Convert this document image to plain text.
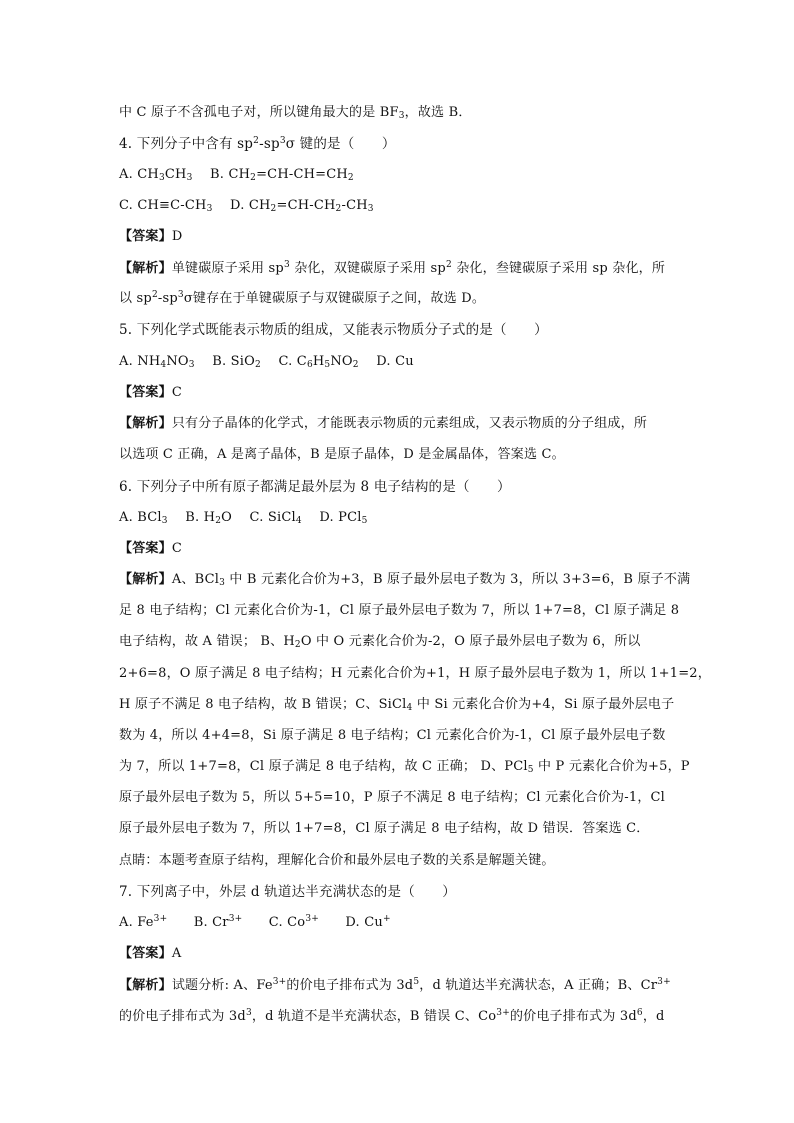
中 C 原子不含孤电子对，所以键角最大的是 $BF_3$，故选 B．
4. 下列分子中含有 $sp^2-sp^3\sigma$ 键的是（　　）
A. $CH_3CH_3$　 B. $CH_2=CH-CH=CH_2$
C. $CH\equiv C-CH_3$　 D. $CH_2=CH-CH_2-CH_3$
【答案】D
【解析】单键碳原子采用 $sp^3$ 杂化，双键碳原子采用 $sp^2$ 杂化，叁键碳原子采用 sp 杂化，所
以 $sp^2-sp^3\sigma$键存在于单键碳原子与双键碳原子之间，故选 D。
5. 下列化学式既能表示物质的组成，又能表示物质分子式的是（　　）
A. $NH_4NO_3$　 B. SiO$_2$　 C. $C_6H_5NO_2$　 D. Cu
【答案】C
【解析】只有分子晶体的化学式，才能既表示物质的元素组成，又表示物质的分子组成，所
以选项 C 正确，A 是离子晶体，B 是原子晶体，D 是金属晶体，答案选 C。
6. 下列分子中所有原子都满足最外层为 8 电子结构的是（　　）
A. BCl$_3$　 B. $H_2O$　 C. SiCl$_4$　 D. PCl$_5$
【答案】C
【解析】A、BCl$_3$ 中 B 元素化合价为+3，B 原子最外层电子数为 3，所以 3+3=6，B 原子不满
足 8 电子结构；Cl 元素化合价为-1，Cl 原子最外层电子数为 7，所以 1+7=8，Cl 原子满足 8
电子结构，故 A 错误； B、$H_2O$ 中 O 元素化合价为-2，O 原子最外层电子数为 6，所以
2+6=8，O 原子满足 8 电子结构；H 元素化合价为+1，H 原子最外层电子数为 1，所以 1+1=2，
H 原子不满足 8 电子结构，故 B 错误；C、SiCl$_4$ 中 Si 元素化合价为+4，Si 原子最外层电子
数为 4，所以 4+4=8，Si 原子满足 8 电子结构；Cl 元素化合价为-1，Cl 原子最外层电子数
为 7，所以 1+7=8，Cl 原子满足 8 电子结构，故 C 正确； D、PCl$_5$ 中 P 元素化合价为+5，P
原子最外层电子数为 5，所以 5+5=10，P 原子不满足 8 电子结构；Cl 元素化合价为-1，Cl
原子最外层电子数为 7，所以 1+7=8，Cl 原子满足 8 电子结构，故 D 错误．答案选 C．
点睛：本题考查原子结构，理解化合价和最外层电子数的关系是解题关键。
7. 下列离子中，外层 d 轨道达半充满状态的是（　　）
A. $Fe^{3+}$　　B. $Cr^{3+}$　　C. $Co^{3+}$　　D. Cu+
【答案】A
【解析】试题分析: A、$Fe^{3+}$的价电子排布式为 $3d^5$，d 轨道达半充满状态，A 正确；B、$Cr^{3+}$
的价电子排布式为 $3d^3$，d 轨道不是半充满状态，B 错误 C、$Co^{3+}$的价电子排布式为 $3d^6$，d
